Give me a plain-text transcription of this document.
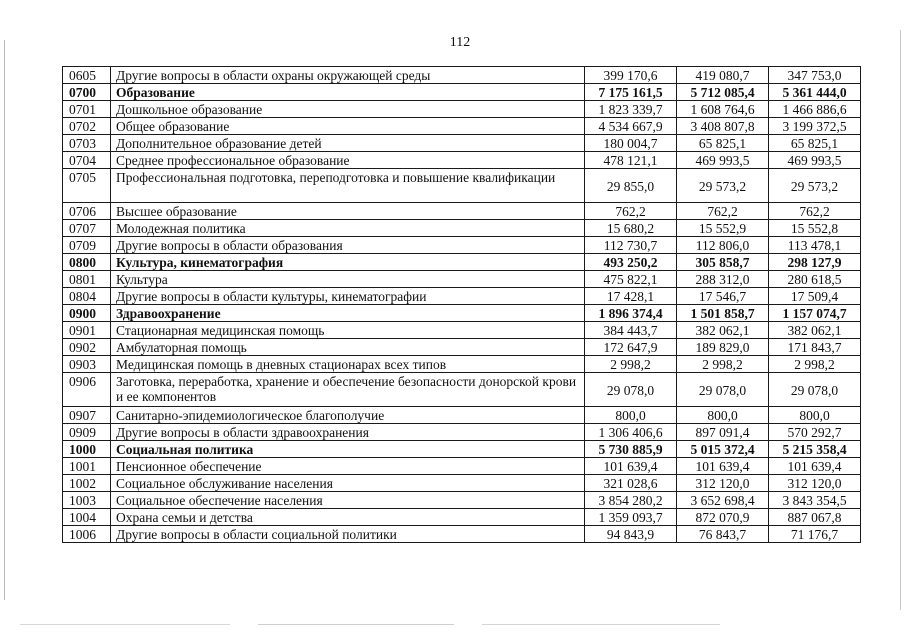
112
0605	Другие вопросы в области охраны окружающей среды	399 170,6	419 080,7	347 753,0
0700	Образование	7 175 161,5	5 712 085,4	5 361 444,0
0701	Дошкольное образование	1 823 339,7	1 608 764,6	1 466 886,6
0702	Общее образование	4 534 667,9	3 408 807,8	3 199 372,5
0703	Дополнительное образование детей	180 004,7	65 825,1	65 825,1
0704	Среднее профессиональное образование	478 121,1	469 993,5	469 993,5
0705	Профессиональная подготовка, переподготовка и повышение квалификации	29 855,0	29 573,2	29 573,2
0706	Высшее образование	762,2	762,2	762,2
0707	Молодежная политика	15 680,2	15 552,9	15 552,8
0709	Другие вопросы в области образования	112 730,7	112 806,0	113 478,1
0800	Культура, кинематография	493 250,2	305 858,7	298 127,9
0801	Культура	475 822,1	288 312,0	280 618,5
0804	Другие вопросы в области культуры, кинематографии	17 428,1	17 546,7	17 509,4
0900	Здравоохранение	1 896 374,4	1 501 858,7	1 157 074,7
0901	Стационарная медицинская помощь	384 443,7	382 062,1	382 062,1
0902	Амбулаторная помощь	172 647,9	189 829,0	171 843,7
0903	Медицинская помощь в дневных стационарах всех типов	2 998,2	2 998,2	2 998,2
0906	Заготовка, переработка, хранение и обеспечение безопасности донорской крови и ее компонентов	29 078,0	29 078,0	29 078,0
0907	Санитарно-эпидемиологическое благополучие	800,0	800,0	800,0
0909	Другие вопросы в области здравоохранения	1 306 406,6	897 091,4	570 292,7
1000	Социальная политика	5 730 885,9	5 015 372,4	5 215 358,4
1001	Пенсионное обеспечение	101 639,4	101 639,4	101 639,4
1002	Социальное обслуживание населения	321 028,6	312 120,0	312 120,0
1003	Социальное обеспечение населения	3 854 280,2	3 652 698,4	3 843 354,5
1004	Охрана семьи и детства	1 359 093,7	872 070,9	887 067,8
1006	Другие вопросы в области социальной политики	94 843,9	76 843,7	71 176,7
